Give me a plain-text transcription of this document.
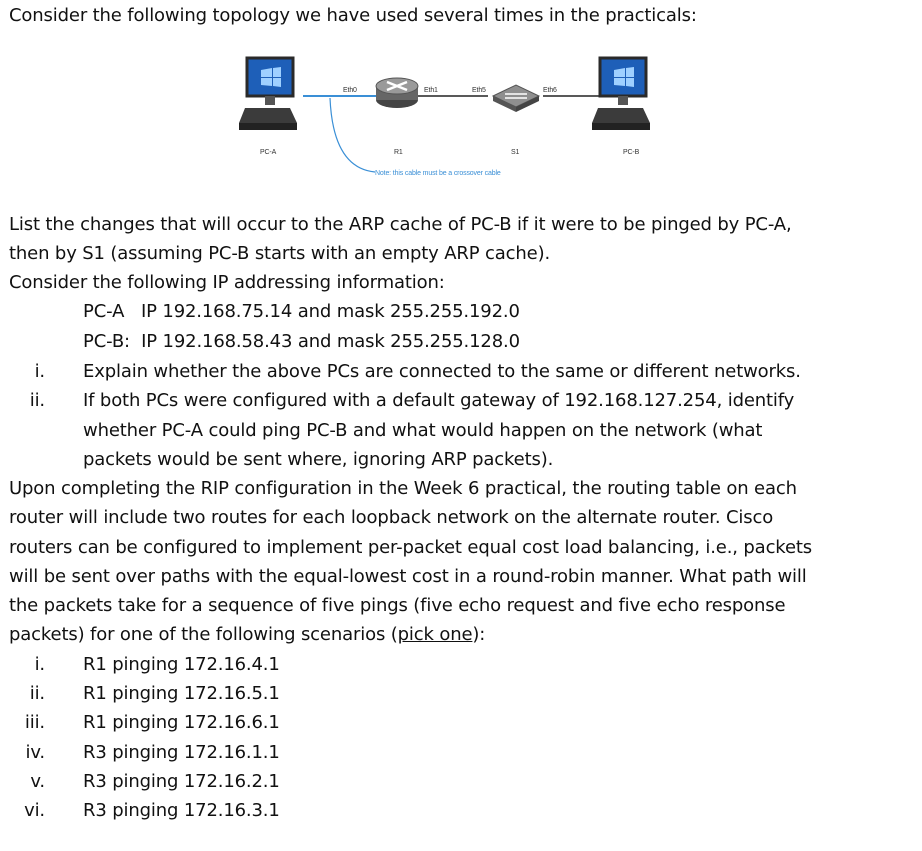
Consider the following topology we have used several times in the practicals:
Eth0	Eth1	Eth5	Eth6
PC-A	R1	S1	PC-B
Note: this cable must be a crossover cable
List the changes that will occur to the ARP cache of PC-B if it were to be pinged by PC-A,
then by S1 (assuming PC-B starts with an empty ARP cache).
Consider the following IP addressing information:
PC-A IP 192.168.75.14 and mask 255.255.192.0
PC-B: IP 192.168.58.43 and mask 255.255.128.0
i. Explain whether the above PCs are connected to the same or different networks.
ii. If both PCs were configured with a default gateway of 192.168.127.254, identify
whether PC-A could ping PC-B and what would happen on the network (what
packets would be sent where, ignoring ARP packets).
Upon completing the RIP configuration in the Week 6 practical, the routing table on each
router will include two routes for each loopback network on the alternate router. Cisco
routers can be configured to implement per-packet equal cost load balancing, i.e., packets
will be sent over paths with the equal-lowest cost in a round-robin manner. What path will
the packets take for a sequence of five pings (five echo request and five echo response
packets) for one of the following scenarios (pick one):
i. R1 pinging 172.16.4.1
ii. R1 pinging 172.16.5.1
iii. R1 pinging 172.16.6.1
iv. R3 pinging 172.16.1.1
v. R3 pinging 172.16.2.1
vi. R3 pinging 172.16.3.1
